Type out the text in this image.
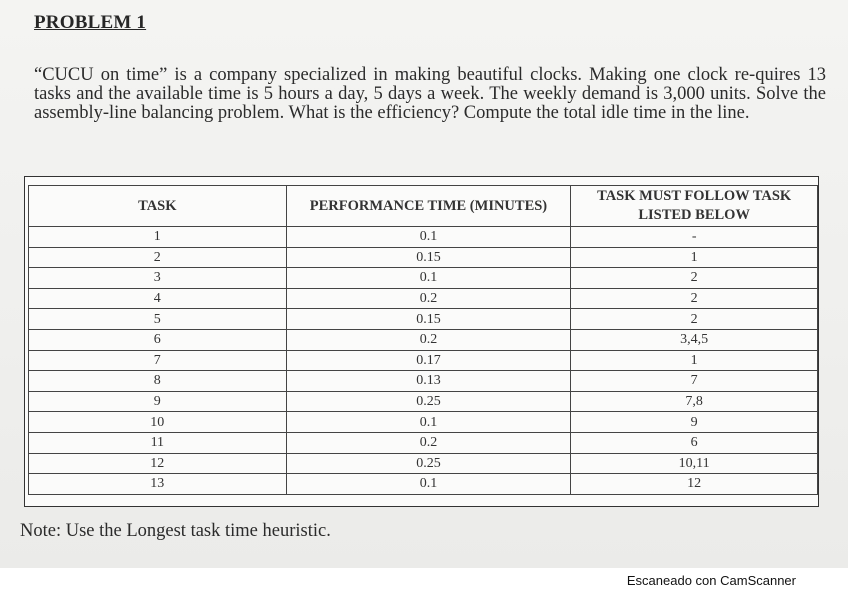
PROBLEM 1

“CUCU on time” is a company specialized in making beautiful clocks. Making one clock re-quires 13 tasks and the available time is 5 hours a day, 5 days a week. The weekly demand is 3,000 units. Solve the assembly-line balancing problem. What is the efficiency? Compute the total idle time in the line.

TASK	PERFORMANCE TIME (MINUTES)	TASK MUST FOLLOW TASK LISTED BELOW
1	0.1	-
2	0.15	1
3	0.1	2
4	0.2	2
5	0.15	2
6	0.2	3,4,5
7	0.17	1
8	0.13	7
9	0.25	7,8
10	0.1	9
11	0.2	6
12	0.25	10,11
13	0.1	12
Note: Use the Longest task time heuristic.
Escaneado con CamScanner
